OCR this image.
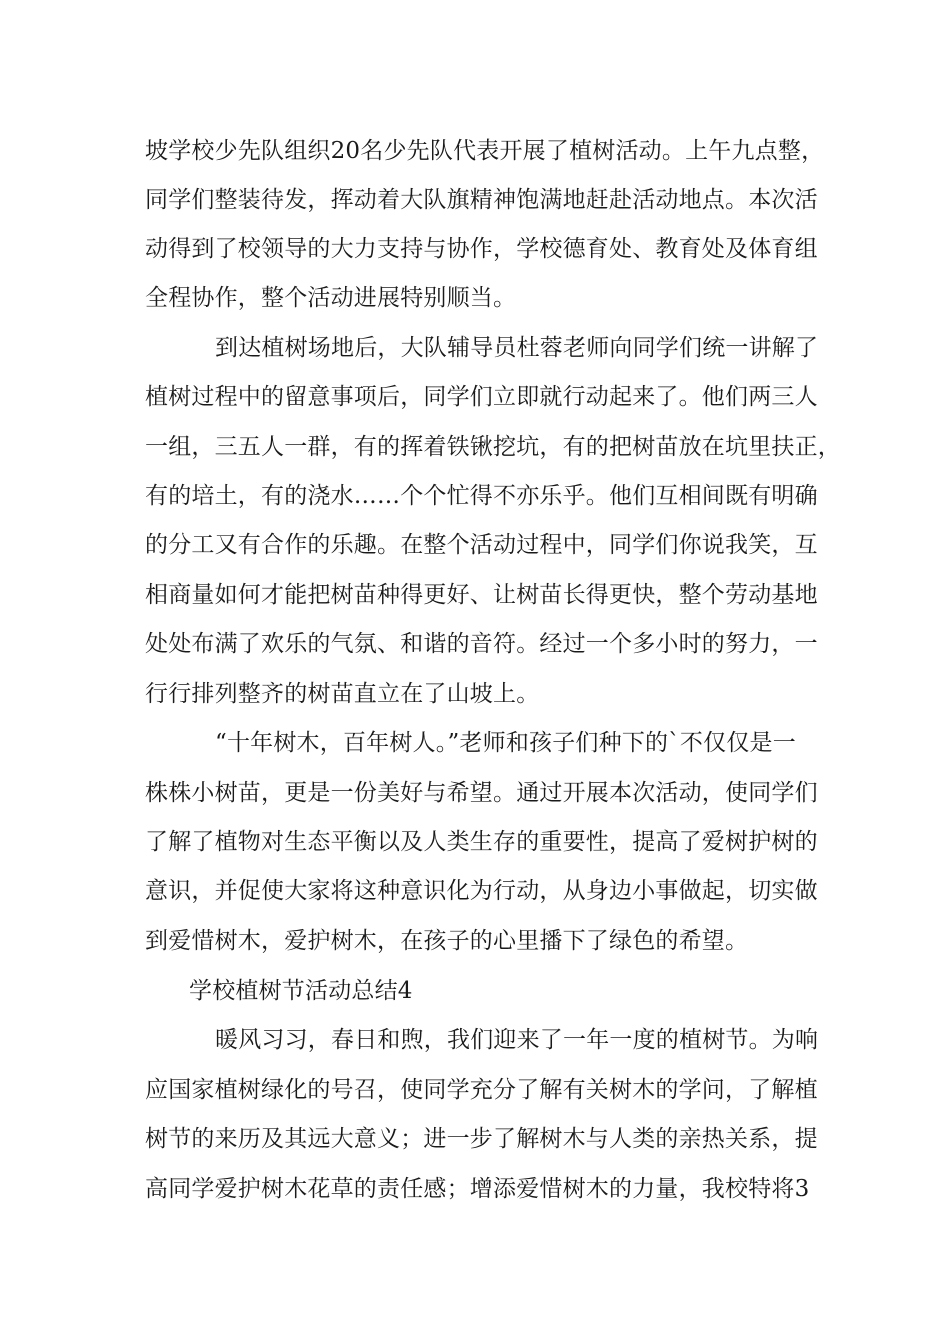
坡学校少先队组织20名少先队代表开展了植树活动。上午九点整，
同学们整装待发，挥动着大队旗精神饱满地赶赴活动地点。本次活
动得到了校领导的大力支持与协作，学校德育处、教育处及体育组
全程协作，整个活动进展特别顺当。
到达植树场地后，大队辅导员杜蓉老师向同学们统一讲解了
植树过程中的留意事项后，同学们立即就行动起来了。他们两三人
一组，三五人一群，有的挥着铁锹挖坑，有的把树苗放在坑里扶正，
有的培土，有的浇水……个个忙得不亦乐乎。他们互相间既有明确
的分工又有合作的乐趣。在整个活动过程中，同学们你说我笑，互
相商量如何才能把树苗种得更好、让树苗长得更快，整个劳动基地
处处布满了欢乐的气氛、和谐的音符。经过一个多小时的努力，一
行行排列整齐的树苗直立在了山坡上。
“十年树木，百年树人。”老师和孩子们种下的`不仅仅是一
株株小树苗，更是一份美好与希望。通过开展本次活动，使同学们
了解了植物对生态平衡以及人类生存的重要性，提高了爱树护树的
意识，并促使大家将这种意识化为行动，从身边小事做起，切实做
到爱惜树木，爱护树木，在孩子的心里播下了绿色的希望。
学校植树节活动总结4
暖风习习，春日和煦，我们迎来了一年一度的植树节。为响
应国家植树绿化的号召，使同学充分了解有关树木的学问，了解植
树节的来历及其远大意义；进一步了解树木与人类的亲热关系，提
高同学爱护树木花草的责任感；增添爱惜树木的力量，我校特将3
